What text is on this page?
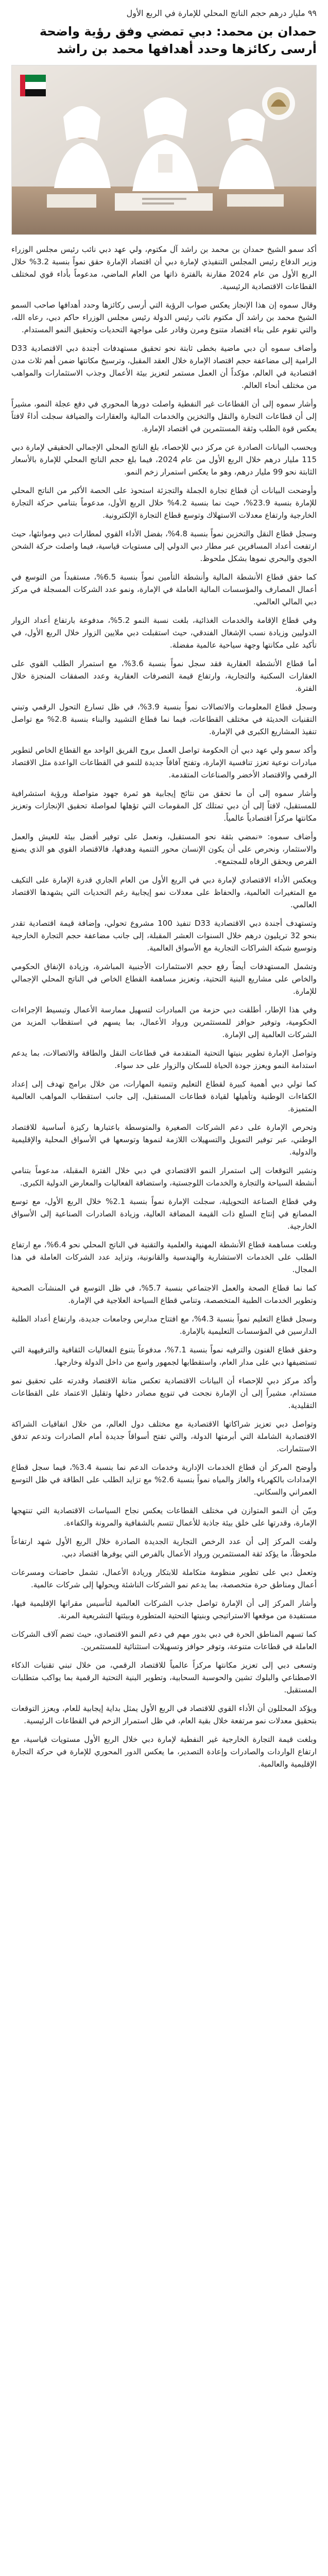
٩٩ مليار درهم حجم الناتج المحلي للإمارة في الربع الأول
حمدان بن محمد: دبي تمضي وفق رؤية واضحة أرسى ركائزها وحدد أهدافها محمد بن راشد

أكد سمو الشيخ حمدان بن محمد بن راشد آل مكتوم، ولي عهد دبي نائب رئيس مجلس الوزراء وزير الدفاع رئيس المجلس التنفيذي لإمارة دبي أن اقتصاد الإمارة حقق نمواً بنسبة 3.2% خلال الربع الأول من عام 2024 مقارنة بالفترة ذاتها من العام الماضي، مدعوماً بأداء قوي لمختلف القطاعات الاقتصادية الرئيسية.

وقال سموه إن هذا الإنجاز يعكس صواب الرؤية التي أرسى ركائزها وحدد أهدافها صاحب السمو الشيخ محمد بن راشد آل مكتوم نائب رئيس الدولة رئيس مجلس الوزراء حاكم دبي، رعاه الله، والتي تقوم على بناء اقتصاد متنوع ومرن وقادر على مواجهة التحديات وتحقيق النمو المستدام.

وأضاف سموه أن دبي ماضية بخطى ثابتة نحو تحقيق مستهدفات أجندة دبي الاقتصادية D33 الرامية إلى مضاعفة حجم اقتصاد الإمارة خلال العقد المقبل، وترسيخ مكانتها ضمن أهم ثلاث مدن اقتصادية في العالم، مؤكداً أن العمل مستمر لتعزيز بيئة الأعمال وجذب الاستثمارات والمواهب من مختلف أنحاء العالم.

وأشار سموه إلى أن القطاعات غير النفطية واصلت دورها المحوري في دفع عجلة النمو، مشيراً إلى أن قطاعات التجارة والنقل والتخزين والخدمات المالية والعقارات والضيافة سجلت أداءً لافتاً يعكس قوة الطلب وثقة المستثمرين في اقتصاد الإمارة.

وبحسب البيانات الصادرة عن مركز دبي للإحصاء، بلغ الناتج المحلي الإجمالي الحقيقي لإمارة دبي 115 مليار درهم خلال الربع الأول من عام 2024، فيما بلغ حجم الناتج المحلي للإمارة بالأسعار الثابتة نحو 99 مليار درهم، وهو ما يعكس استمرار زخم النمو.

وأوضحت البيانات أن قطاع تجارة الجملة والتجزئة استحوذ على الحصة الأكبر من الناتج المحلي للإمارة بنسبة 23.9%، حيث نما بنسبة 4.2% خلال الربع الأول، مدعوماً بتنامي حركة التجارة الخارجية وارتفاع معدلات الاستهلاك وتوسع قطاع التجارة الإلكترونية.

وسجل قطاع النقل والتخزين نمواً بنسبة 4.8%، بفضل الأداء القوي لمطارات دبي وموانئها، حيث ارتفعت أعداد المسافرين عبر مطار دبي الدولي إلى مستويات قياسية، فيما واصلت حركة الشحن الجوي والبحري نموها بشكل ملحوظ.

كما حقق قطاع الأنشطة المالية وأنشطة التأمين نمواً بنسبة 6.5%، مستفيداً من التوسع في أعمال المصارف والمؤسسات المالية العاملة في الإمارة، ونمو عدد الشركات المسجلة في مركز دبي المالي العالمي.

وفي قطاع الإقامة والخدمات الغذائية، بلغت نسبة النمو 5.2%، مدفوعة بارتفاع أعداد الزوار الدوليين وزيادة نسب الإشغال الفندقي، حيث استقبلت دبي ملايين الزوار خلال الربع الأول، في تأكيد على مكانتها وجهة سياحية عالمية مفضلة.

أما قطاع الأنشطة العقارية فقد سجل نمواً بنسبة 3.6%، مع استمرار الطلب القوي على العقارات السكنية والتجارية، وارتفاع قيمة التصرفات العقارية وعدد الصفقات المنجزة خلال الفترة.

وسجل قطاع المعلومات والاتصالات نمواً بنسبة 3.9%، في ظل تسارع التحول الرقمي وتبني التقنيات الحديثة في مختلف القطاعات، فيما نما قطاع التشييد والبناء بنسبة 2.8% مع تواصل تنفيذ المشاريع الكبرى في الإمارة.

وأكد سمو ولي عهد دبي أن الحكومة تواصل العمل بروح الفريق الواحد مع القطاع الخاص لتطوير مبادرات نوعية تعزز تنافسية الإمارة، وتفتح آفاقاً جديدة للنمو في القطاعات الواعدة مثل الاقتصاد الرقمي والاقتصاد الأخضر والصناعات المتقدمة.

وأشار سموه إلى أن ما تحقق من نتائج إيجابية هو ثمرة جهود متواصلة ورؤية استشرافية للمستقبل، لافتاً إلى أن دبي تمتلك كل المقومات التي تؤهلها لمواصلة تحقيق الإنجازات وتعزيز مكانتها مركزاً اقتصادياً عالمياً.

وأضاف سموه: «نمضي بثقة نحو المستقبل، ونعمل على توفير أفضل بيئة للعيش والعمل والاستثمار، ونحرص على أن يكون الإنسان محور التنمية وهدفها، فالاقتصاد القوي هو الذي يصنع الفرص ويحقق الرفاه للمجتمع».

ويعكس الأداء الاقتصادي لإمارة دبي في الربع الأول من العام الجاري قدرة الإمارة على التكيف مع المتغيرات العالمية، والحفاظ على معدلات نمو إيجابية رغم التحديات التي يشهدها الاقتصاد العالمي.

وتستهدف أجندة دبي الاقتصادية D33 تنفيذ 100 مشروع تحولي، وإضافة قيمة اقتصادية تقدر بنحو 32 تريليون درهم خلال السنوات العشر المقبلة، إلى جانب مضاعفة حجم التجارة الخارجية وتوسيع شبكة الشراكات التجارية مع الأسواق العالمية.

وتشمل المستهدفات أيضاً رفع حجم الاستثمارات الأجنبية المباشرة، وزيادة الإنفاق الحكومي والخاص على مشاريع البنية التحتية، وتعزيز مساهمة القطاع الخاص في الناتج المحلي الإجمالي للإمارة.

وفي هذا الإطار، أطلقت دبي حزمة من المبادرات لتسهيل ممارسة الأعمال وتبسيط الإجراءات الحكومية، وتوفير حوافز للمستثمرين ورواد الأعمال، بما يسهم في استقطاب المزيد من الشركات العالمية إلى الإمارة.

وتواصل الإمارة تطوير بنيتها التحتية المتقدمة في قطاعات النقل والطاقة والاتصالات، بما يدعم استدامة النمو ويعزز جودة الحياة للسكان والزوار على حد سواء.

كما تولي دبي أهمية كبيرة لقطاع التعليم وتنمية المهارات، من خلال برامج تهدف إلى إعداد الكفاءات الوطنية وتأهيلها لقيادة قطاعات المستقبل، إلى جانب استقطاب المواهب العالمية المتميزة.

وتحرص الإمارة على دعم الشركات الصغيرة والمتوسطة باعتبارها ركيزة أساسية للاقتصاد الوطني، عبر توفير التمويل والتسهيلات اللازمة لنموها وتوسعها في الأسواق المحلية والإقليمية والدولية.

وتشير التوقعات إلى استمرار النمو الاقتصادي في دبي خلال الفترة المقبلة، مدعوماً بتنامي أنشطة السياحة والتجارة والخدمات اللوجستية، واستضافة الفعاليات والمعارض الدولية الكبرى.

وفي قطاع الصناعة التحويلية، سجلت الإمارة نمواً بنسبة 2.1% خلال الربع الأول، مع توسع المصانع في إنتاج السلع ذات القيمة المضافة العالية، وزيادة الصادرات الصناعية إلى الأسواق الخارجية.

وبلغت مساهمة قطاع الأنشطة المهنية والعلمية والتقنية في الناتج المحلي نحو 6.4%، مع ارتفاع الطلب على الخدمات الاستشارية والهندسية والقانونية، وتزايد عدد الشركات العاملة في هذا المجال.

كما نما قطاع الصحة والعمل الاجتماعي بنسبة 5.7%، في ظل التوسع في المنشآت الصحية وتطوير الخدمات الطبية المتخصصة، وتنامي قطاع السياحة العلاجية في الإمارة.

وسجل قطاع التعليم نمواً بنسبة 4.3%، مع افتتاح مدارس وجامعات جديدة، وارتفاع أعداد الطلبة الدارسين في المؤسسات التعليمية بالإمارة.

وحقق قطاع الفنون والترفيه نمواً بنسبة 7.1%، مدفوعاً بتنوع الفعاليات الثقافية والترفيهية التي تستضيفها دبي على مدار العام، واستقطابها لجمهور واسع من داخل الدولة وخارجها.

وأكد مركز دبي للإحصاء أن البيانات الاقتصادية تعكس متانة الاقتصاد وقدرته على تحقيق نمو مستدام، مشيراً إلى أن الإمارة نجحت في تنويع مصادر دخلها وتقليل الاعتماد على القطاعات التقليدية.

وتواصل دبي تعزيز شراكاتها الاقتصادية مع مختلف دول العالم، من خلال اتفاقيات الشراكة الاقتصادية الشاملة التي أبرمتها الدولة، والتي تفتح أسواقاً جديدة أمام الصادرات وتدعم تدفق الاستثمارات.

وأوضح المركز أن قطاع الخدمات الإدارية وخدمات الدعم نما بنسبة 3.4%، فيما سجل قطاع الإمدادات بالكهرباء والغاز والمياه نمواً بنسبة 2.6% مع تزايد الطلب على الطاقة في ظل التوسع العمراني والسكاني.

وبيّن أن النمو المتوازن في مختلف القطاعات يعكس نجاح السياسات الاقتصادية التي تنتهجها الإمارة، وقدرتها على خلق بيئة جاذبة للأعمال تتسم بالشفافية والمرونة والكفاءة.

ولفت المركز إلى أن عدد الرخص التجارية الجديدة الصادرة خلال الربع الأول شهد ارتفاعاً ملحوظاً، ما يؤكد ثقة المستثمرين ورواد الأعمال بالفرص التي يوفرها اقتصاد دبي.

وتعمل دبي على تطوير منظومة متكاملة للابتكار وريادة الأعمال، تشمل حاضنات ومسرعات أعمال ومناطق حرة متخصصة، بما يدعم نمو الشركات الناشئة ويحولها إلى شركات عالمية.

وأشار المركز إلى أن الإمارة تواصل جذب الشركات العالمية لتأسيس مقراتها الإقليمية فيها، مستفيدة من موقعها الاستراتيجي وبنيتها التحتية المتطورة وبيئتها التشريعية المرنة.

كما تسهم المناطق الحرة في دبي بدور مهم في دعم النمو الاقتصادي، حيث تضم آلاف الشركات العاملة في قطاعات متنوعة، وتوفر حوافز وتسهيلات استثنائية للمستثمرين.

وتسعى دبي إلى تعزيز مكانتها مركزاً عالمياً للاقتصاد الرقمي، من خلال تبني تقنيات الذكاء الاصطناعي والبلوك تشين والحوسبة السحابية، وتطوير البنية التحتية الرقمية بما يواكب متطلبات المستقبل.

ويؤكد المحللون أن الأداء القوي للاقتصاد في الربع الأول يمثل بداية إيجابية للعام، ويعزز التوقعات بتحقيق معدلات نمو مرتفعة خلال بقية العام، في ظل استمرار الزخم في القطاعات الرئيسية.

وبلغت قيمة التجارة الخارجية غير النفطية لإمارة دبي خلال الربع الأول مستويات قياسية، مع ارتفاع الواردات والصادرات وإعادة التصدير، ما يعكس الدور المحوري للإمارة في حركة التجارة الإقليمية والعالمية.
